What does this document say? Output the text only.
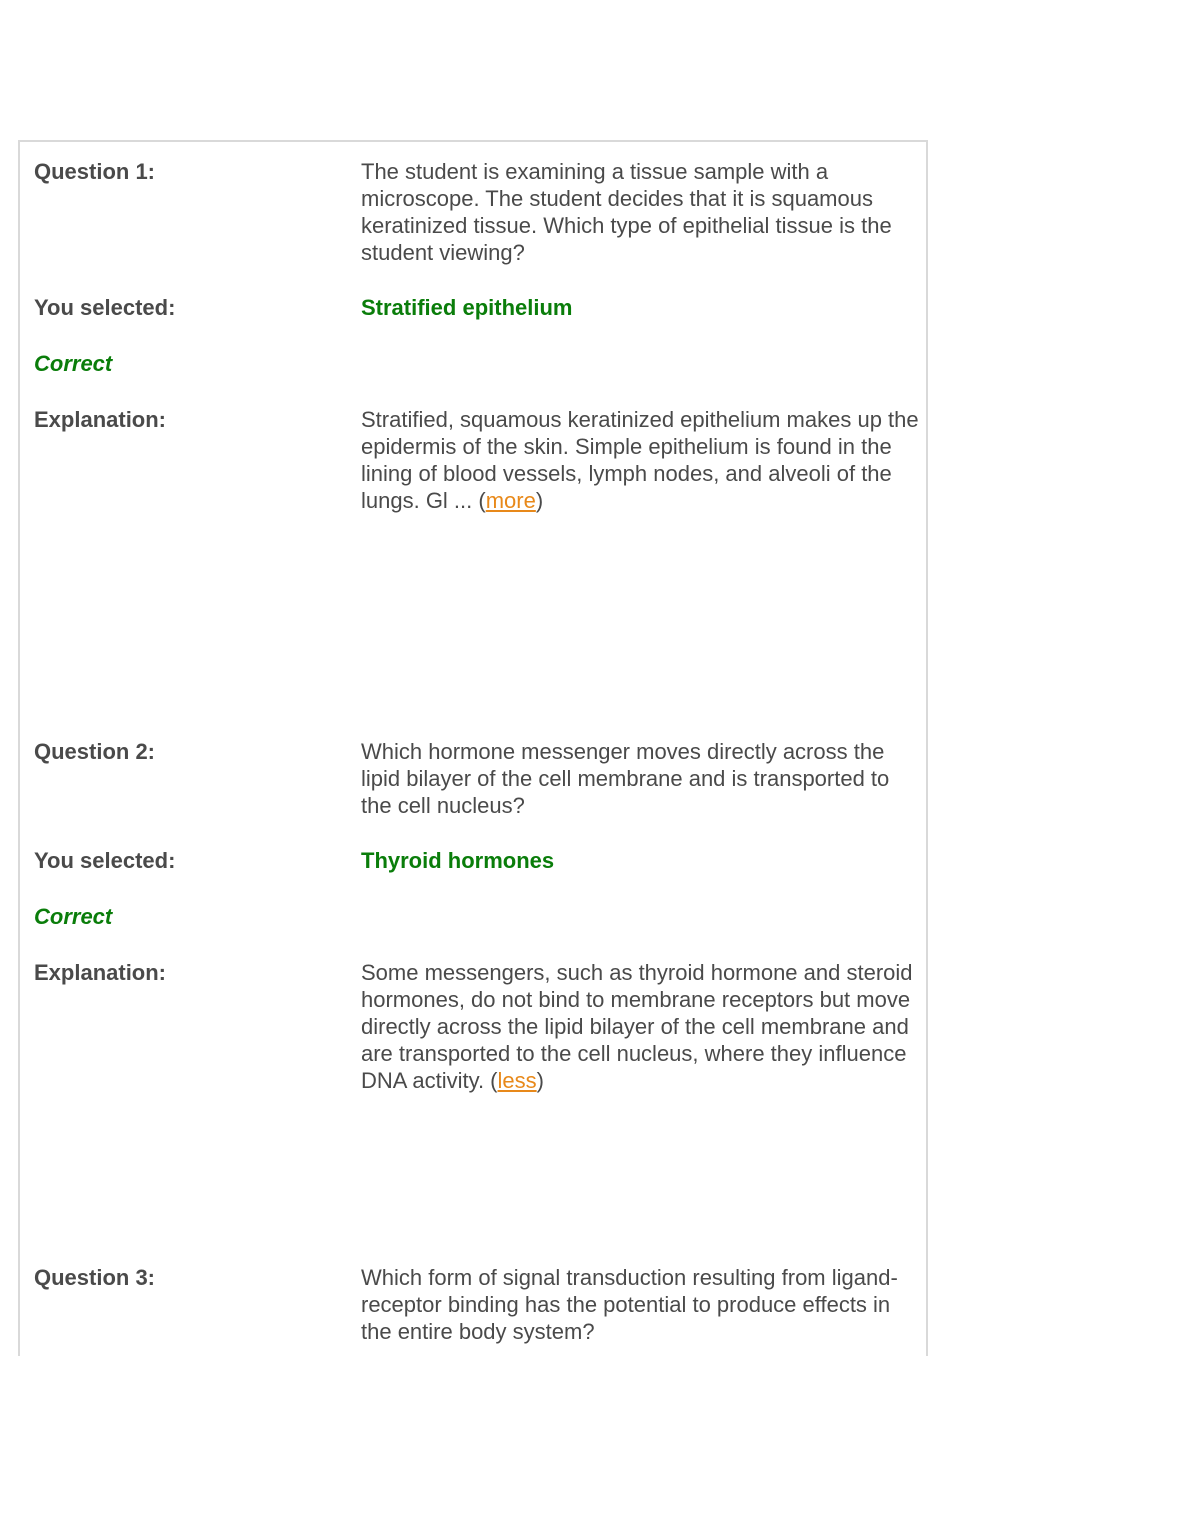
Question 1:	The student is examining a tissue sample with a microscope. The student decides that it is squamous keratinized tissue. Which type of epithelial tissue is the student viewing?
You selected:	Stratified epithelium
Correct
Explanation:	Stratified, squamous keratinized epithelium makes up the epidermis of the skin. Simple epithelium is found in the lining of blood vessels, lymph nodes, and alveoli of the lungs. Gl ... (more)
Question 2:	Which hormone messenger moves directly across the lipid bilayer of the cell membrane and is transported to the cell nucleus?
You selected:	Thyroid hormones
Correct
Explanation:	Some messengers, such as thyroid hormone and steroid hormones, do not bind to membrane receptors but move directly across the lipid bilayer of the cell membrane and are transported to the cell nucleus, where they influence DNA activity. (less)
Question 3:	Which form of signal transduction resulting from ligand-receptor binding has the potential to produce effects in the entire body system?
